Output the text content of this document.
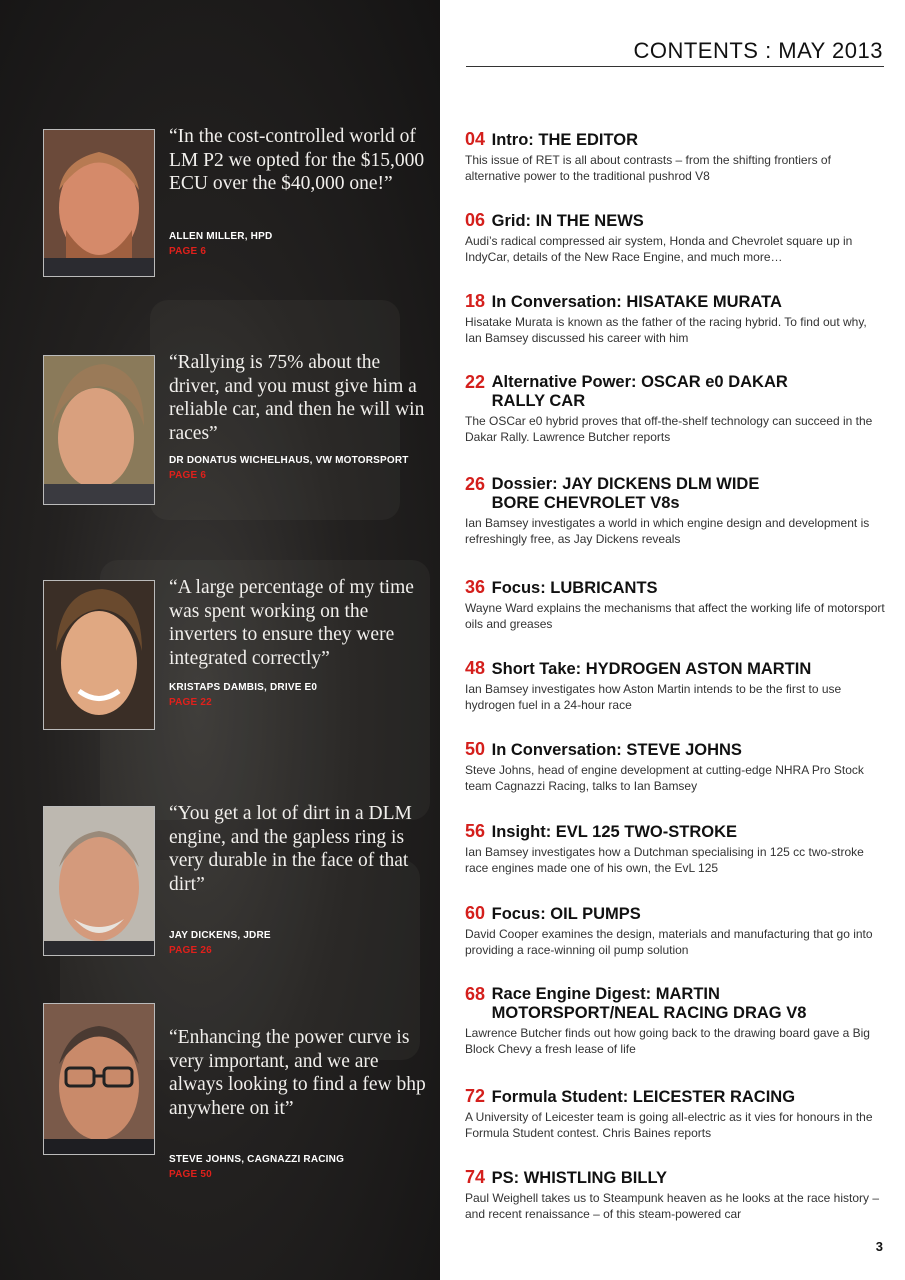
“In the cost-controlled world of LM P2 we opted for the $15,000 ECU over the $40,000 one!”
ALLEN MILLER, HPD
PAGE 6
“Rallying is 75% about the driver, and you must give him a reliable car, and then he will win races”
DR DONATUS WICHELHAUS, VW MOTORSPORT
PAGE 6
“A large percentage of my time was spent working on the inverters to ensure they were integrated correctly”
KRISTAPS DAMBIS, DRIVE E0
PAGE 22
“You get a lot of dirt in a DLM engine, and the gapless ring is very durable in the face of that dirt”
JAY DICKENS, JDRE
PAGE 26
“Enhancing the power curve is very important, and we are always looking to find a few bhp anywhere on it”
STEVE JOHNS, CAGNAZZI RACING
PAGE 50
CONTENTS : MAY 2013
04 Intro: THE EDITOR

This issue of RET is all about contrasts – from the shifting frontiers of alternative power to the traditional pushrod V8

06 Grid: IN THE NEWS

Audi’s radical compressed air system, Honda and Chevrolet square up in IndyCar, details of the New Race Engine, and much more…

18 In Conversation: HISATAKE MURATA

Hisatake Murata is known as the father of the racing hybrid. To find out why, Ian Bamsey discussed his career with him

22 Alternative Power: OSCAR e0 DAKAR RALLY CAR

The OSCar e0 hybrid proves that off-the-shelf technology can succeed in the Dakar Rally. Lawrence Butcher reports

26 Dossier: JAY DICKENS DLM WIDE BORE CHEVROLET V8s

Ian Bamsey investigates a world in which engine design and development is refreshingly free, as Jay Dickens reveals

36 Focus: LUBRICANTS

Wayne Ward explains the mechanisms that affect the working life of motorsport oils and greases

48 Short Take: HYDROGEN ASTON MARTIN

Ian Bamsey investigates how Aston Martin intends to be the first to use hydrogen fuel in a 24-hour race

50 In Conversation: STEVE JOHNS

Steve Johns, head of engine development at cutting-edge NHRA Pro Stock team Cagnazzi Racing, talks to Ian Bamsey

56 Insight: EVL 125 TWO-STROKE

Ian Bamsey investigates how a Dutchman specialising in 125 cc two-stroke race engines made one of his own, the EvL 125

60 Focus: OIL PUMPS

David Cooper examines the design, materials and manufacturing that go into providing a race-winning oil pump solution

68 Race Engine Digest: MARTIN MOTORSPORT/NEAL RACING DRAG V8

Lawrence Butcher finds out how going back to the drawing board gave a Big Block Chevy a fresh lease of life

72 Formula Student: LEICESTER RACING

A University of Leicester team is going all-electric as it vies for honours in the Formula Student contest. Chris Baines reports

74 PS: WHISTLING BILLY

Paul Weighell takes us to Steampunk heaven as he looks at the race history – and recent renaissance – of this steam-powered car

3
